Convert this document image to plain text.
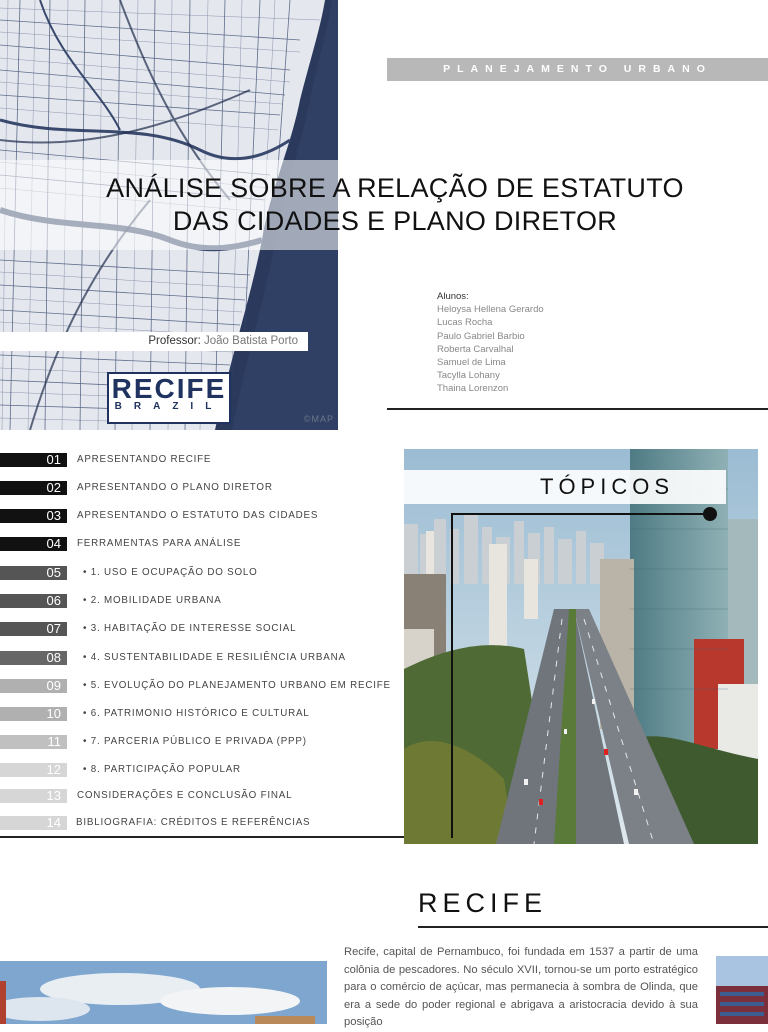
©MAP
PLANEJAMENTO URBANO
ANÁLISE SOBRE A RELAÇÃO DE ESTATUTO
DAS CIDADES E PLANO DIRETOR
Professor: João Batista Porto
RECIFE
BRAZIL
Alunos:
Heloysa Hellena Gerardo
Lucas Rocha
Paulo Gabriel Barbio
Roberta Carvalhal
Samuel de Lima
Tacylla Lohany
Thaina Lorenzon
01	APRESENTANDO RECIFE
02	APRESENTANDO O PLANO DIRETOR
03	APRESENTANDO O ESTATUTO DAS CIDADES
04	FERRAMENTAS PARA ANÁLISE
05	• 1. USO E OCUPAÇÃO DO SOLO
06	• 2. MOBILIDADE URBANA
07	• 3. HABITAÇÃO DE INTERESSE SOCIAL
08	• 4. SUSTENTABILIDADE E RESILIÊNCIA URBANA
09	• 5. EVOLUÇÃO DO PLANEJAMENTO URBANO EM RECIFE
10	• 6. PATRIMONIO HISTÓRICO E CULTURAL
11	• 7. PARCERIA PÚBLICO E PRIVADA (PPP)
12	• 8. PARTICIPAÇÃO POPULAR
13	CONSIDERAÇÕES E CONCLUSÃO FINAL
14	BIBLIOGRAFIA: CRÉDITOS E REFERÊNCIAS
TÓPICOS
RECIFE
Recife, capital de Pernambuco, foi fundada em 1537 a partir de uma colônia de pescadores. No século XVII, tornou-se um porto estratégico para o comércio de açúcar, mas permanecia à sombra de Olinda, que era a sede do poder regional e abrigava a aristocracia devido à sua posição
